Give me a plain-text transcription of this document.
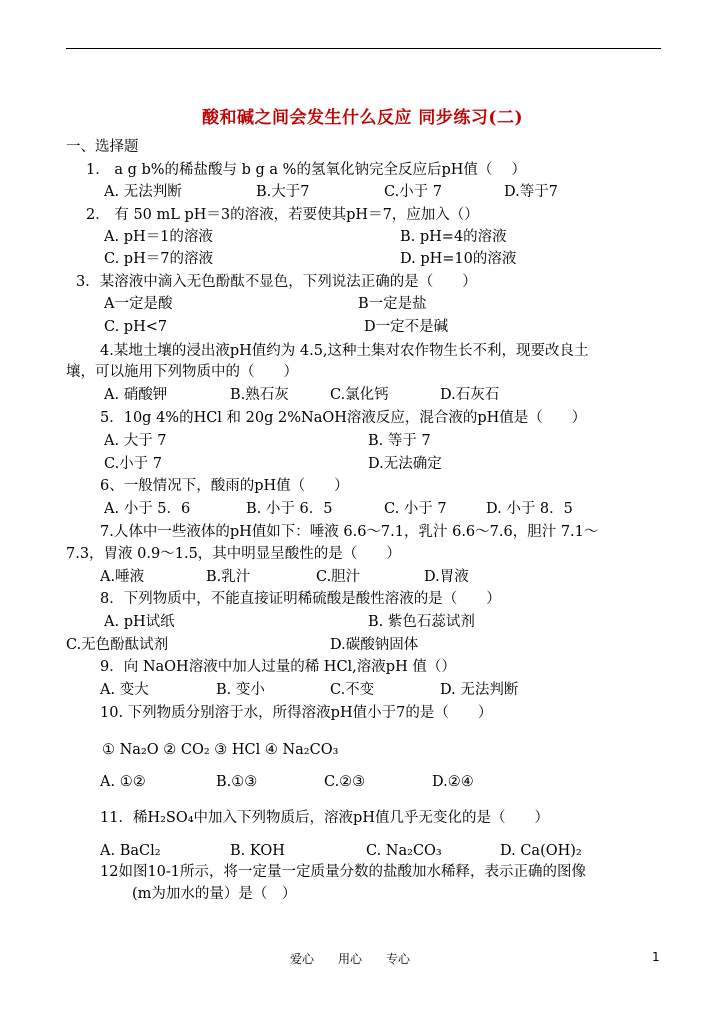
酸和碱之间会发生什么反应 同步练习(二)
一、选择题
1． a g b%的稀盐酸与 b g a %的氢氧化钠完全反应后pH值（　 ）
A. 无法判断	B.大于7	C.小于 7	D.等于7
2． 有 50 mL pH＝3的溶液，若要使其pH＝7，应加入（）
A. pH＝1的溶液	B. pH=4的溶液
C. pH＝7的溶液	D. pH=10的溶液
3．某溶液中滴入无色酚酞不显色，下列说法正确的是（　　）
A一定是酸	B一定是盐
C. pH<7	D一定不是碱
4.某地土壤的浸出液pH值约为 4.5,这种土集对农作物生长不利，现要改良土
壤，可以施用下列物质中的（　　）
A. 硝酸钾	B.熟石灰	C.氯化钙	D.石灰石
5．10g 4%的HCl 和 20g 2%NaOH溶液反应，混合液的pH值是（　　）
A. 大于 7	B. 等于 7
C.小于 7	D.无法确定
6、一般情况下，酸雨的pH值（　　）
A. 小于 5．6	B. 小于 6．5	C. 小于 7	D. 小于 8．5
7.人体中一些液体的pH值如下：唾液 6.6～7.1，乳汁 6.6～7.6，胆汁 7.1～
7.3，胃液 0.9～1.5，其中明显呈酸性的是（　　）
A.唾液	B.乳汁	C.胆汁	D.胃液
8．下列物质中，不能直接证明稀硫酸是酸性溶液的是（　　）
A. pH试纸	B. 紫色石蕊试剂
C.无色酚酞试剂	D.碳酸钠固体
9．向 NaOH溶液中加人过量的稀 HCl,溶液pH 值（）
A. 变大	B. 变小	C.不变	D. 无法判断
10. 下列物质分别溶于水，所得溶液pH值小于7的是（　　）
① Na₂O ② CO₂ ③ HCl ④ Na₂CO₃
A. ①②	B.①③	C.②③	D.②④
11．稀H₂SO₄中加入下列物质后，溶液pH值几乎无变化的是（　　）
A. BaCl₂	B. KOH	C. Na₂CO₃	D. Ca(OH)₂
12如图10-1所示，将一定量一定质量分数的盐酸加水稀释，表示正确的图像
(m为加水的量）是（　）
爱心　　用心　　专心	1
